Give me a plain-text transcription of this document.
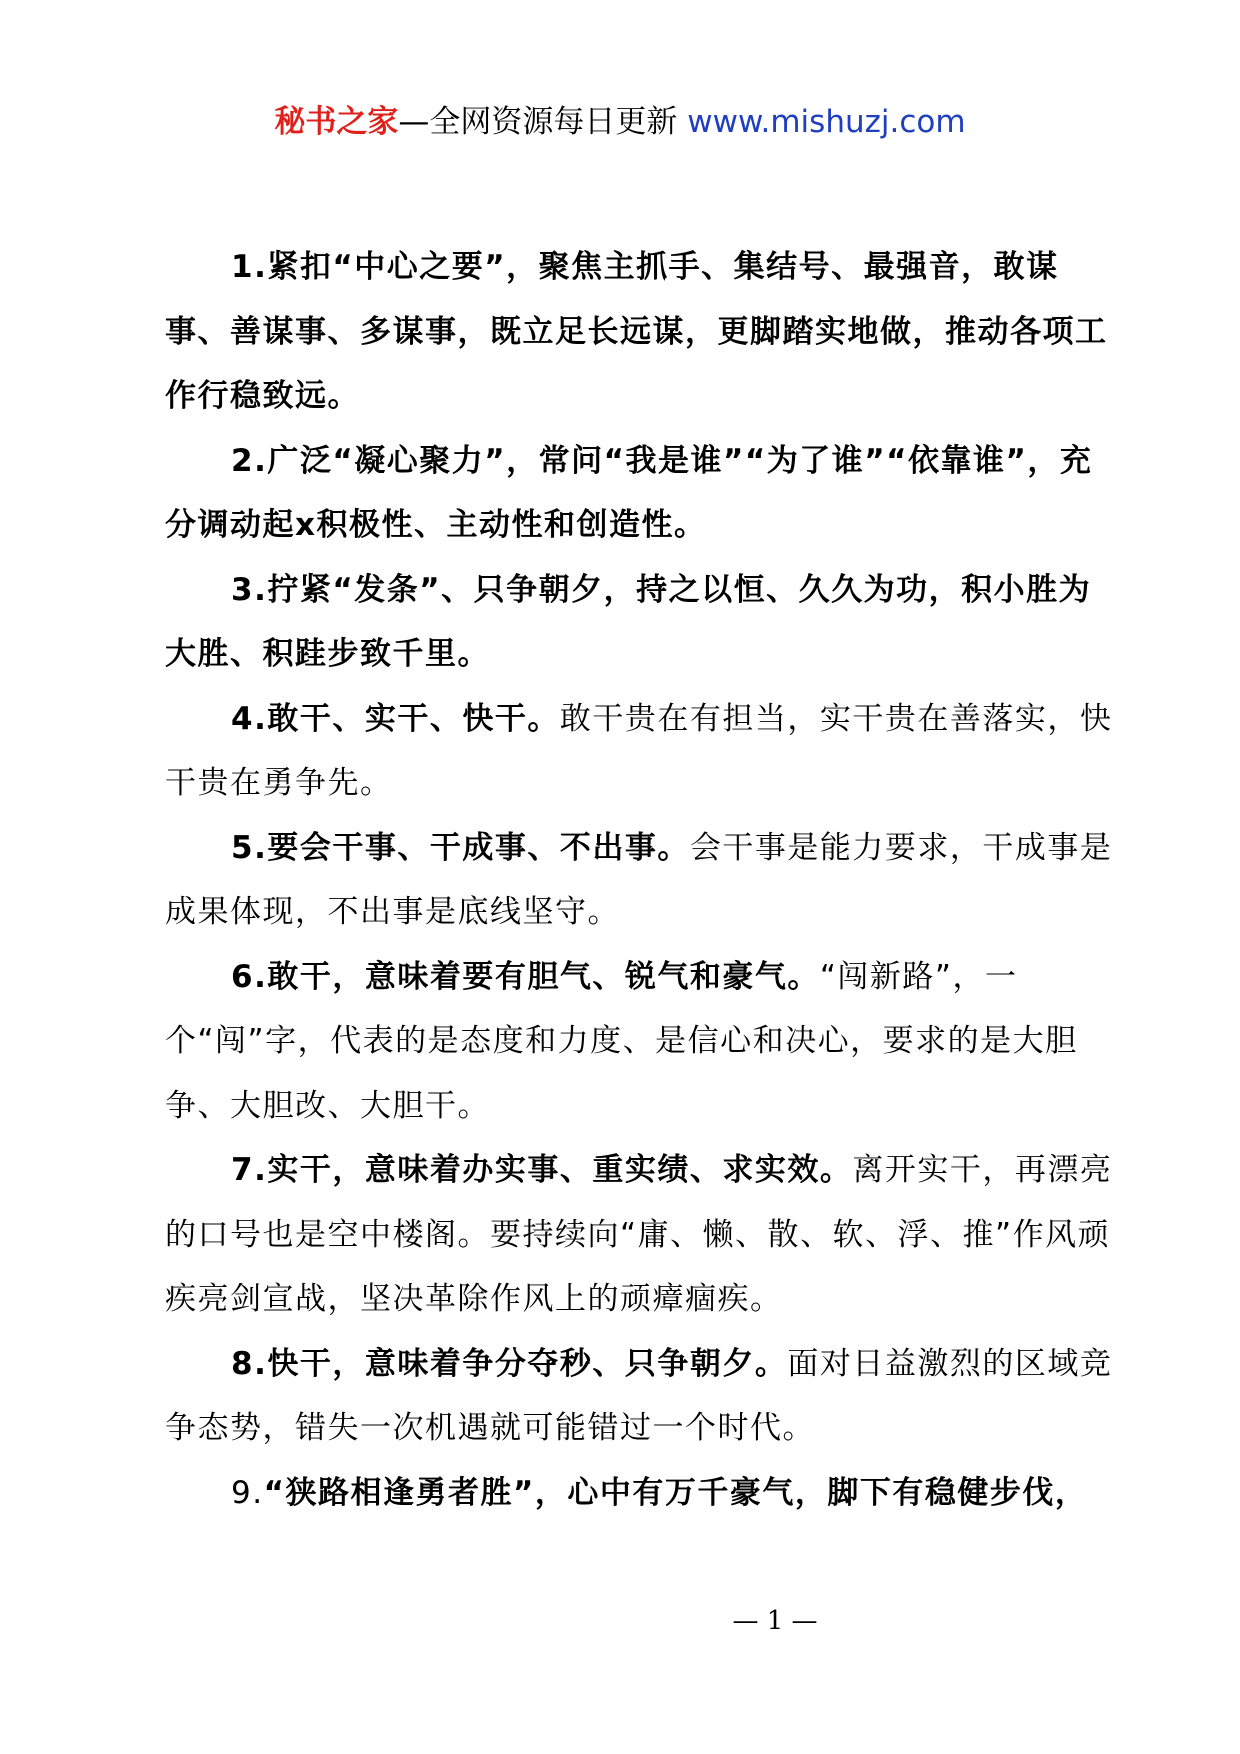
秘书之家—全网资源每日更新 www.mishuzj.com

1.紧扣“中心之要”，聚焦主抓手、集结号、最强音，敢谋事、善谋事、多谋事，既立足长远谋，更脚踏实地做，推动各项工作行稳致远。

2.广泛“凝心聚力”，常问“我是谁”“为了谁”“依靠谁”，充分调动起x积极性、主动性和创造性。

3.拧紧“发条”、只争朝夕，持之以恒、久久为功，积小胜为大胜、积跬步致千里。

4.敢干、实干、快干。敢干贵在有担当，实干贵在善落实，快干贵在勇争先。

5.要会干事、干成事、不出事。会干事是能力要求，干成事是成果体现，不出事是底线坚守。

6.敢干，意味着要有胆气、锐气和豪气。“闯新路”，一个“闯”字，代表的是态度和力度、是信心和决心，要求的是大胆争、大胆改、大胆干。

7.实干，意味着办实事、重实绩、求实效。离开实干，再漂亮的口号也是空中楼阁。要持续向“庸、懒、散、软、浮、推”作风顽疾亮剑宣战，坚决革除作风上的顽瘴痼疾。

8.快干，意味着争分夺秒、只争朝夕。面对日益激烈的区域竞争态势，错失一次机遇就可能错过一个时代。

9.“狭路相逢勇者胜”，心中有万千豪气，脚下有稳健步伐，

— 1 —
